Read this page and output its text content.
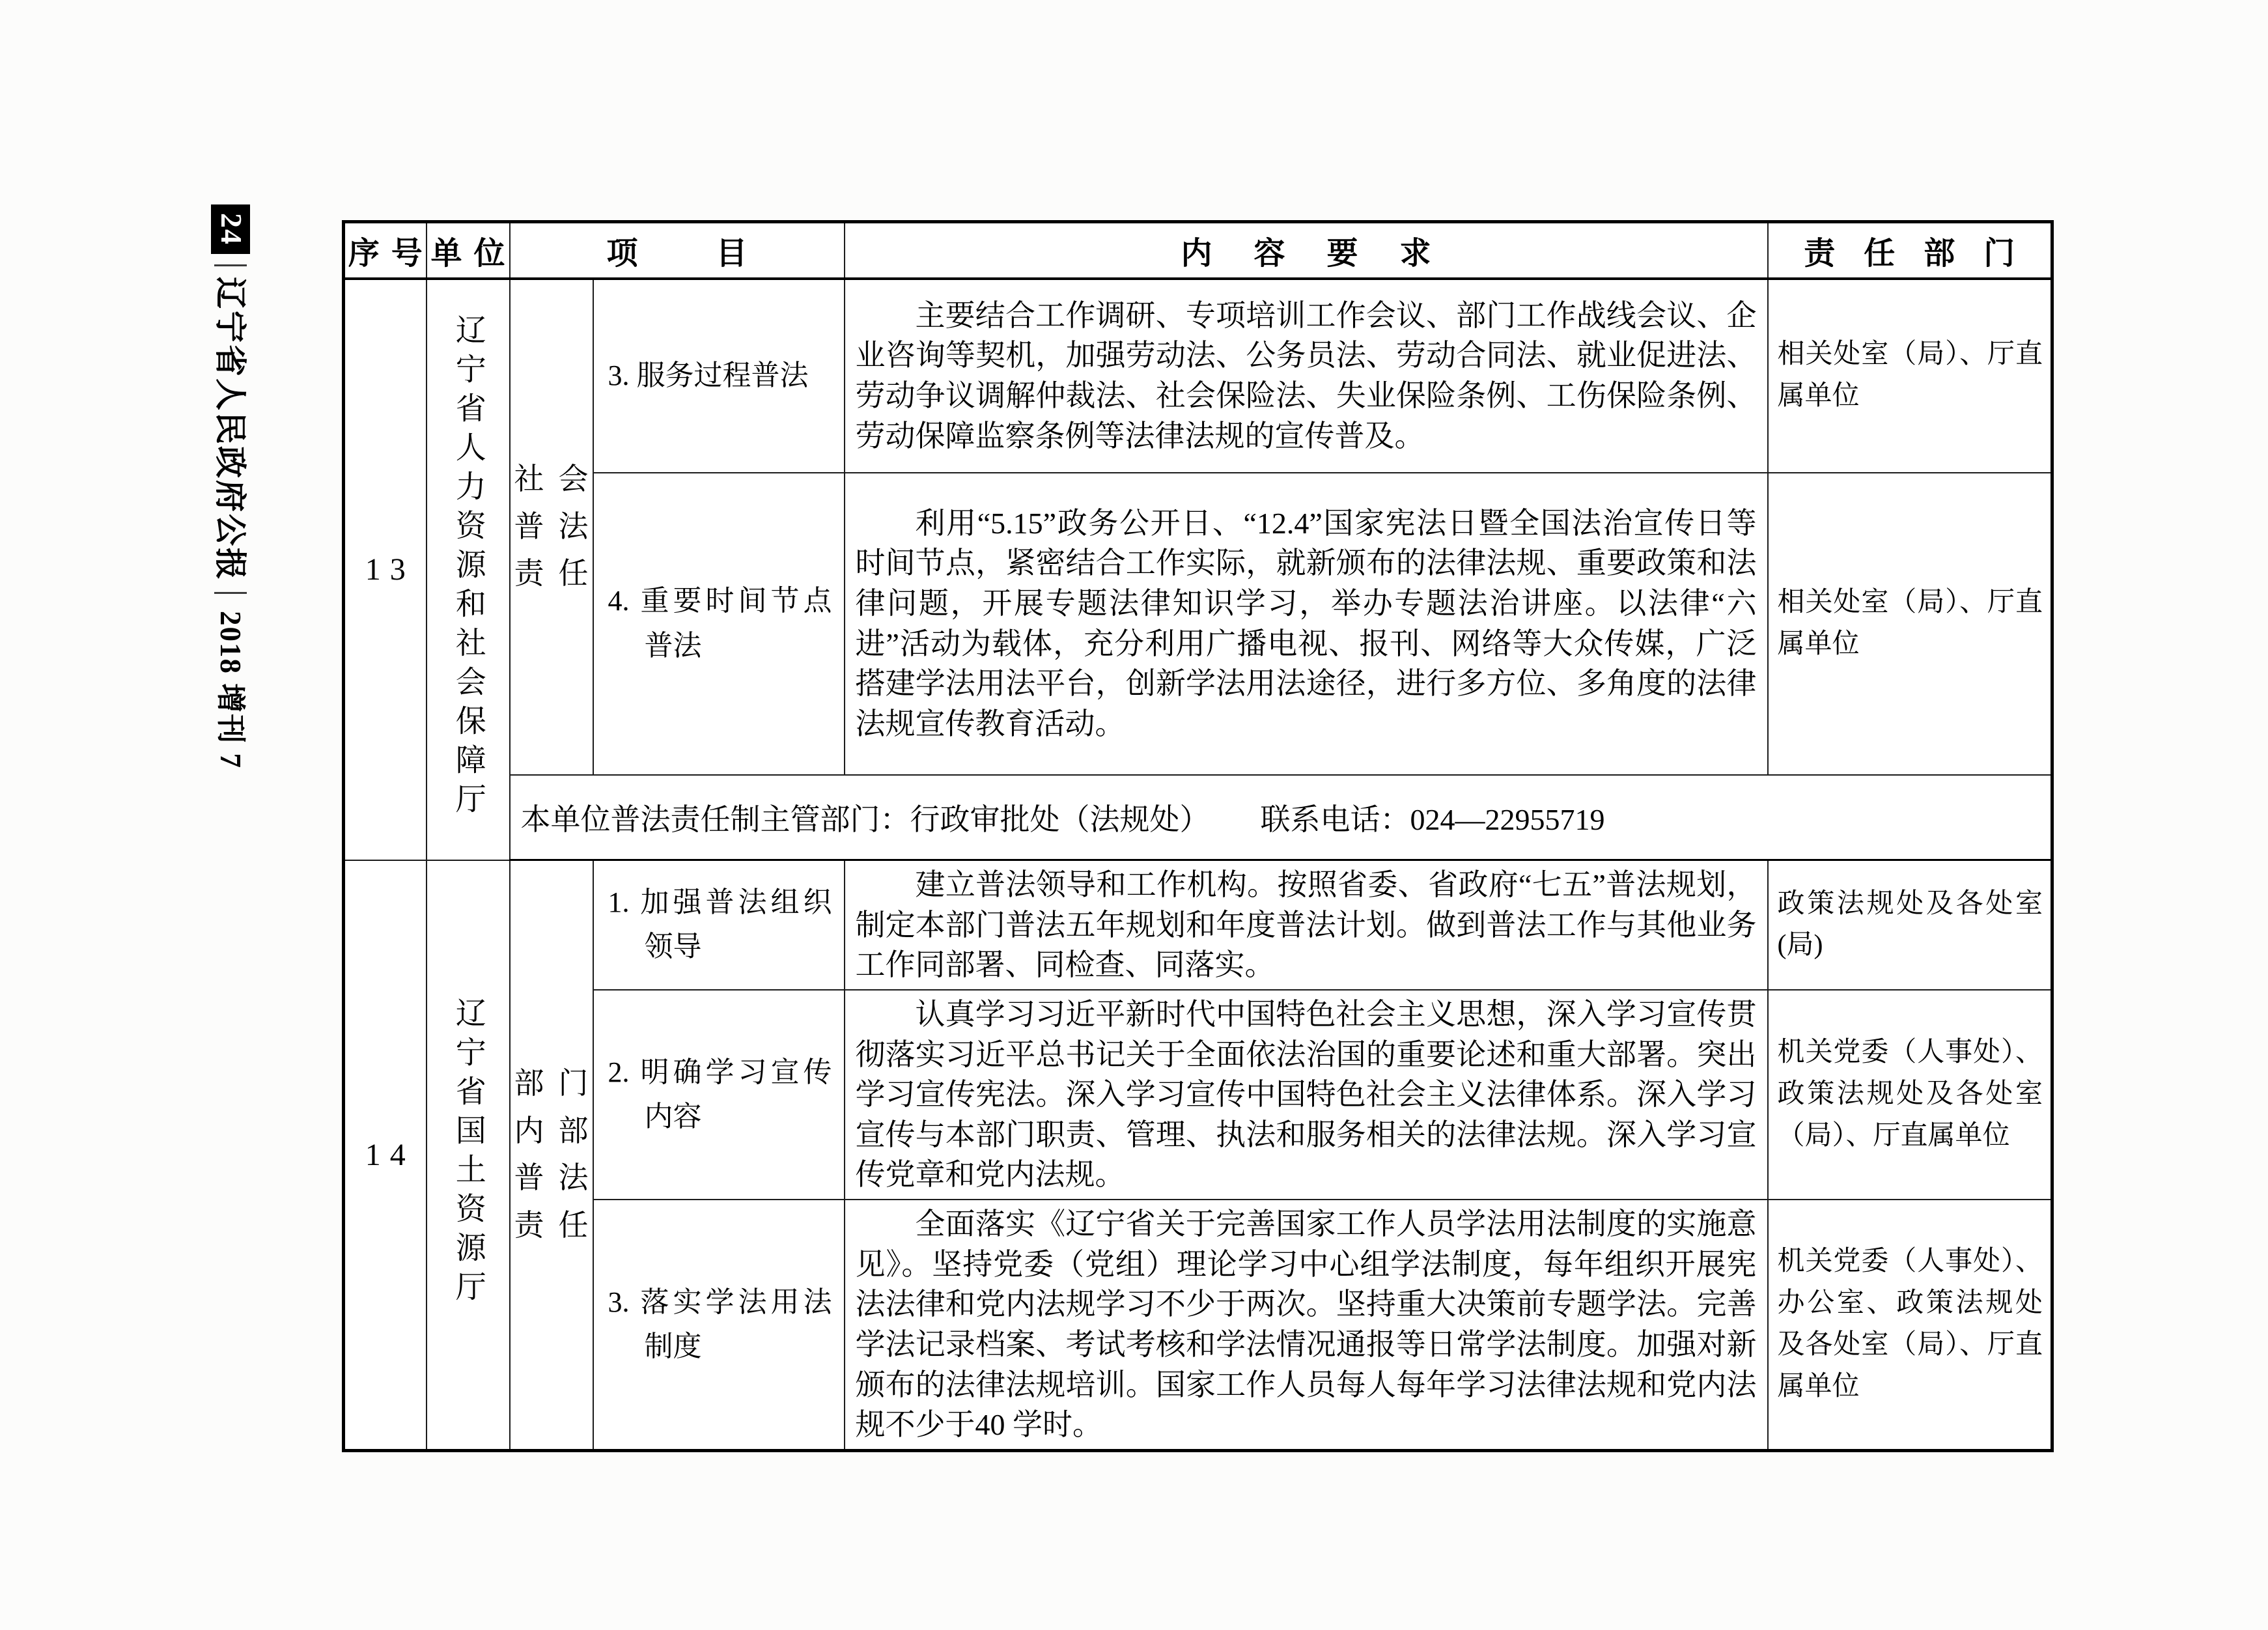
24
辽宁省人民政府公报
2018 增刊 7
序号	单位	项目		内容要求	责任部门

13	辽宁省人力资源和社会保障厅	社会普法责任	3. 服务过程普法	主要结合工作调研、专项培训工作会议、部门工作战线会议、企业咨询等契机，加强劳动法、公务员法、劳动合同法、就业促进法、劳动争议调解仲裁法、社会保险法、失业保险条例、工伤保险条例、劳动保障监察条例等法律法规的宣传普及。	相关处室（局）、厅直属单位

			4. 重要时间节点普法	利用“5.15”政务公开日、“12.4”国家宪法日暨全国法治宣传日等时间节点，紧密结合工作实际，就新颁布的法律法规、重要政策和法律问题，开展专题法律知识学习，举办专题法治讲座。以法律“六进”活动为载体，充分利用广播电视、报刊、网络等大众传媒，广泛搭建学法用法平台，创新学法用法途径，进行多方位、多角度的法律法规宣传教育活动。	相关处室（局）、厅直属单位

		本单位普法责任制主管部门：行政审批处（法规处） 联系电话：024—22955719			

14	辽宁省国土资源厅	部门内部普法责任	1. 加强普法组织领导	建立普法领导和工作机构。按照省委、省政府“七五”普法规划，制定本部门普法五年规划和年度普法计划。做到普法工作与其他业务工作同部署、同检查、同落实。	政策法规处及各处室(局)

			2. 明确学习宣传内容	认真学习习近平新时代中国特色社会主义思想，深入学习宣传贯彻落实习近平总书记关于全面依法治国的重要论述和重大部署。突出学习宣传宪法。深入学习宣传中国特色社会主义法律体系。深入学习宣传与本部门职责、管理、执法和服务相关的法律法规。深入学习宣传党章和党内法规。	机关党委（人事处）、政策法规处及各处室（局）、厅直属单位

			3. 落实学法用法制度	全面落实《辽宁省关于完善国家工作人员学法用法制度的实施意见》。坚持党委（党组）理论学习中心组学法制度，每年组织开展宪法法律和党内法规学习不少于两次。坚持重大决策前专题学法。完善学法记录档案、考试考核和学法情况通报等日常学法制度。加强对新颁布的法律法规培训。国家工作人员每人每年学习法律法规和党内法规不少于40 学时。	机关党委（人事处）、办公室、政策法规处及各处室（局）、厅直属单位
